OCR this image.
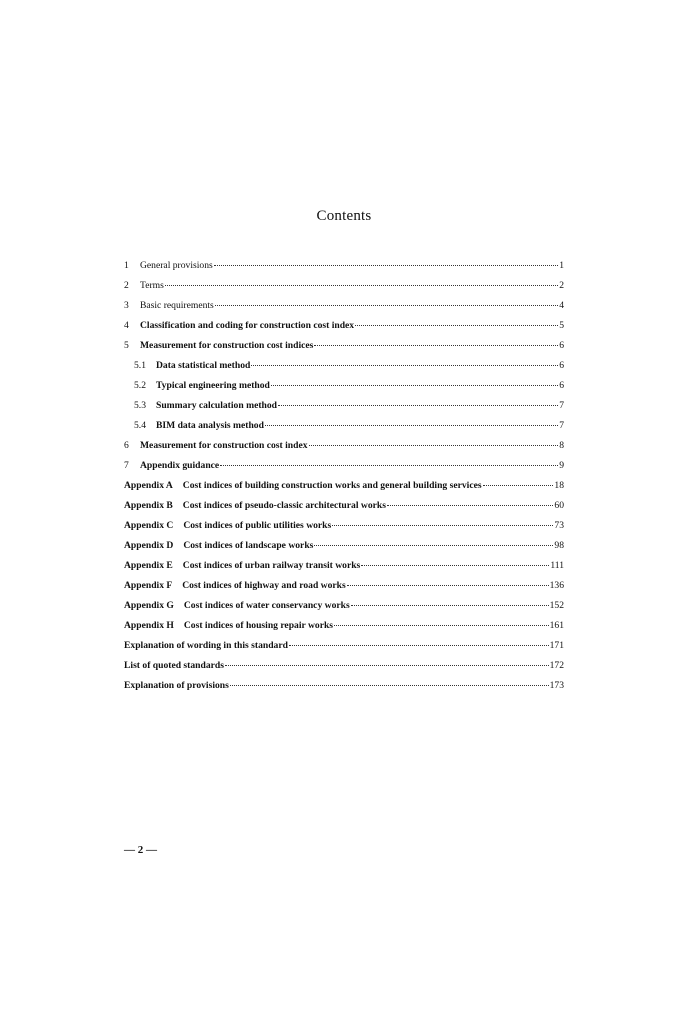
Contents
1	General provisions	1
2	Terms	2
3	Basic requirements	4
4	Classification and coding for construction cost index	5
5	Measurement for construction cost indices	6
5.1	Data statistical method	6
5.2	Typical engineering method	6
5.3	Summary calculation method	7
5.4	BIM data analysis method	7
6	Measurement for construction cost index	8
7	Appendix guidance	9
Appendix A Cost indices of building construction works and general building services	18
Appendix B Cost indices of pseudo-classic architectural works	60
Appendix C Cost indices of public utilities works	73
Appendix D Cost indices of landscape works	98
Appendix E Cost indices of urban railway transit works	111
Appendix F Cost indices of highway and road works	136
Appendix G Cost indices of water conservancy works	152
Appendix H Cost indices of housing repair works	161
Explanation of wording in this standard	171
List of quoted standards	172
Explanation of provisions	173
— 2 —
